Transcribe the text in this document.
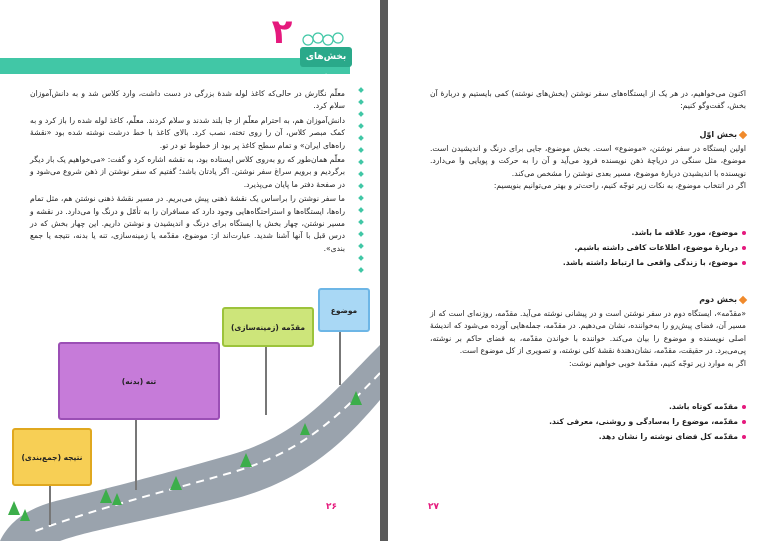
۲
بخش‌های نوشته

معلّم نگارش در حالی‌که کاغذ لوله شدهٔ بزرگی در دست داشت، وارد کلاس شد و به دانش‌آموزان سلام کرد.

دانش‌آموزان هم، به احترام معلّم از جا بلند شدند و سلام کردند. معلّم، کاغذ لوله شده را باز کرد و به کمک مبصر کلاس، آن را روی تخته، نصب کرد. بالای کاغذ با خط درشت نوشته شده بود «نقشهٔ راه‌های ایران» و تمام سطح کاغذ پر بود از خطوط تو در تو.

معلّم همان‌طور که رو به‌روی کلاس ایستاده بود، به نقشه اشاره کرد و گفت: «می‌خواهیم یک بار دیگر برگردیم و برویم سراغ سفر نوشتن. اگر یادتان باشد؛ گفتیم که سفر نوشتن از ذهن شروع می‌شود و در صفحهٔ دفتر ما پایان می‌پذیرد.

ما سفر نوشتن را براساس یک نقشهٔ ذهنی پیش می‌بریم. در مسیر نقشهٔ ذهنی نوشتن هم، مثل تمام راه‌ها، ایستگاه‌ها و استراحتگاه‌هایی وجود دارد که مسافران را به تأمّل و درنگ وا می‌دارد. در نقشه و مسیر نوشتن، چهار بخش یا ایستگاه برای درنگ و اندیشیدن و نوشتن داریم. این چهار بخش که در درس قبل با آنها آشنا شدید. عبارت‌اند از: موضوع، مقدّمه یا زمینه‌سازی، تنه یا بدنه، نتیجه یا جمع بندی».

موضوع
مقدّمه (زمینه‌سازی)
تنه (بدنه)
نتیجه (جمع‌بندی)
۲۶
اکنون می‌خواهیم، در هر یک از ایستگاه‌های سفر نوشتن (بخش‌های نوشته) کمی بایستیم و دربارهٔ آن بخش، گفت‌وگو کنیم:
بخش اوّل
اولین ایستگاه در سفر نوشتن، «موضوع» است. بخش موضوع، جایی برای درنگ و اندیشیدن است. موضوع، مثل سنگی در دریاچهٔ ذهن نویسنده فرود می‌آید و آن را به حرکت و پویایی وا می‌دارد. نویسنده با اندیشیدن دربارهٔ موضوع، مسیر بعدی نوشتن را مشخص می‌کند.
اگر در انتخاب موضوع، به نکات زیر توجّه کنیم، راحت‌تر و بهتر می‌توانیم بنویسیم:
موضوع، مورد علاقه ما باشد.
دربارهٔ موضوع، اطلاعات کافی داشته باشیم.
موضوع، با زندگی واقعی ما ارتباط داشته باشد.
بخش دوم
«مقدّمه»، ایستگاه دوم در سفر نوشتن است و در پیشانی نوشته می‌آید. مقدّمه، روزنه‌ای است که از مسیر آن، فضای پیش‌رو را به‌خواننده، نشان می‌دهیم. در مقدّمه، جمله‌هایی آورده می‌شود که اندیشهٔ اصلی نویسنده و موضوع را بیان می‌کند. خواننده با خواندن مقدّمه، به فضای حاکم بر نوشته، پی‌می‌برد. در حقیقت، مقدّمه، نشان‌دهندهٔ نقشهٔ کلی نوشته، و تصویری از کل موضوع است.
اگر به موارد زیر توجّه کنیم، مقدّمهٔ خوبی خواهیم نوشت:
مقدّمه کوتاه باشد.
مقدّمه، موضوع را به‌سادگی و روشنی، معرفی کند.
مقدّمه کل فضای نوشته را نشان دهد.
۲۷
